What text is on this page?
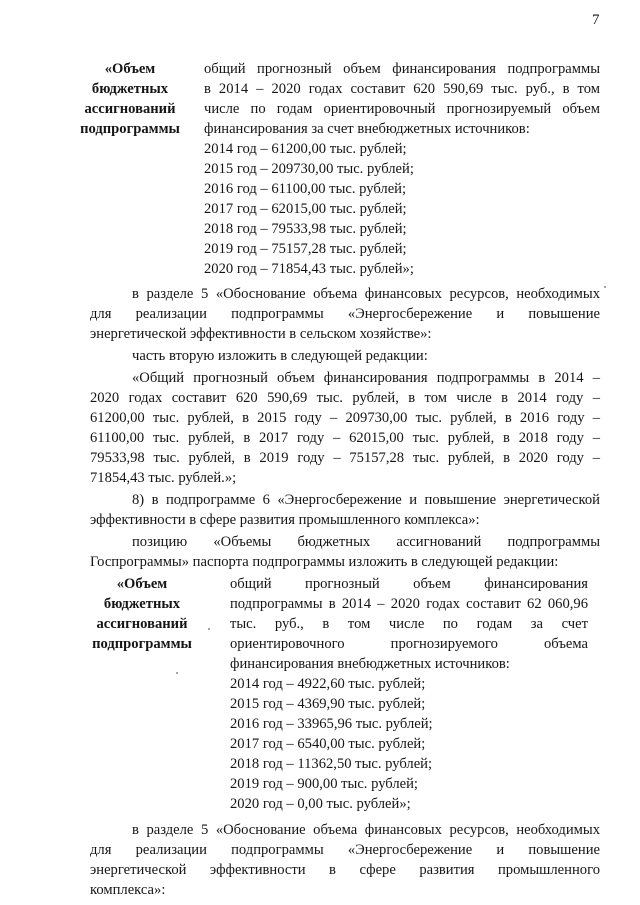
7
«Объем
бюджетных
ассигнований
подпрограммы
общий прогнозный объем финансирования подпрограммы
в 2014 – 2020 годах составит 620 590,69 тыс. руб., в том
числе по годам ориентировочный прогнозируемый объем
финансирования за счет внебюджетных источников:
2014 год – 61200,00 тыс. рублей;
2015 год – 209730,00 тыс. рублей;
2016 год – 61100,00 тыс. рублей;
2017 год – 62015,00 тыс. рублей;
2018 год – 79533,98 тыс. рублей;
2019 год – 75157,28 тыс. рублей;
2020 год – 71854,43 тыс. рублей»;
в разделе 5 «Обоснование объема финансовых ресурсов, необходимых
для реализации подпрограммы «Энергосбережение и повышение
энергетической эффективности в сельском хозяйстве»:
часть вторую изложить в следующей редакции:
«Общий прогнозный объем финансирования подпрограммы в 2014 –
2020 годах составит 620 590,69 тыс. рублей, в том числе в 2014 году –
61200,00 тыс. рублей, в 2015 году – 209730,00 тыс. рублей, в 2016 году –
61100,00 тыс. рублей, в 2017 году – 62015,00 тыс. рублей, в 2018 году –
79533,98 тыс. рублей, в 2019 году – 75157,28 тыс. рублей, в 2020 году –
71854,43 тыс. рублей.»;
8) в подпрограмме 6 «Энергосбережение и повышение энергетической
эффективности в сфере развития промышленного комплекса»:
позицию «Объемы бюджетных ассигнований подпрограммы
Госпрограммы» паспорта подпрограммы изложить в следующей редакции:
«Объем
бюджетных
ассигнований
подпрограммы
общий прогнозный объем финансирования
подпрограммы в 2014 – 2020 годах составит 62 060,96
тыс. руб., в том числе по годам за счет
ориентировочного прогнозируемого объема
финансирования внебюджетных источников:
2014 год – 4922,60 тыс. рублей;
2015 год – 4369,90 тыс. рублей;
2016 год – 33965,96 тыс. рублей;
2017 год – 6540,00 тыс. рублей;
2018 год – 11362,50 тыс. рублей;
2019 год – 900,00 тыс. рублей;
2020 год – 0,00 тыс. рублей»;
в разделе 5 «Обоснование объема финансовых ресурсов, необходимых
для реализации подпрограммы «Энергосбережение и повышение
энергетической эффективности в сфере развития промышленного
комплекса»:
